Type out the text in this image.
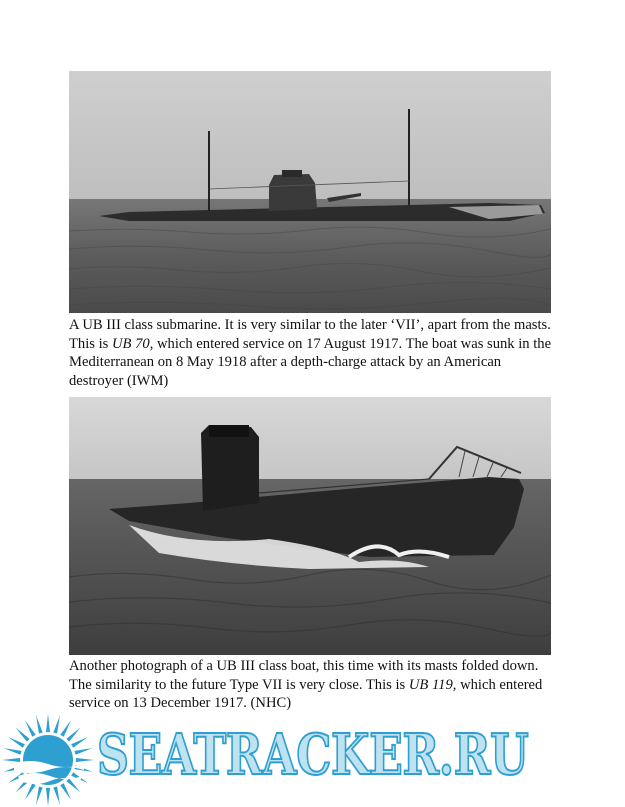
A UB III class submarine. It is very similar to the later ‘VII’, apart from the masts. This is UB 70, which entered service on 17 August 1917. The boat was sunk in the Mediterranean on 8 May 1918 after a depth-charge attack by an American destroyer (IWM)

Another photograph of a UB III class boat, this time with its masts folded down. The similarity to the future Type VII is very close. This is UB 119, which entered service on 13 December 1917. (NHC)

SEATRACKER.RU
